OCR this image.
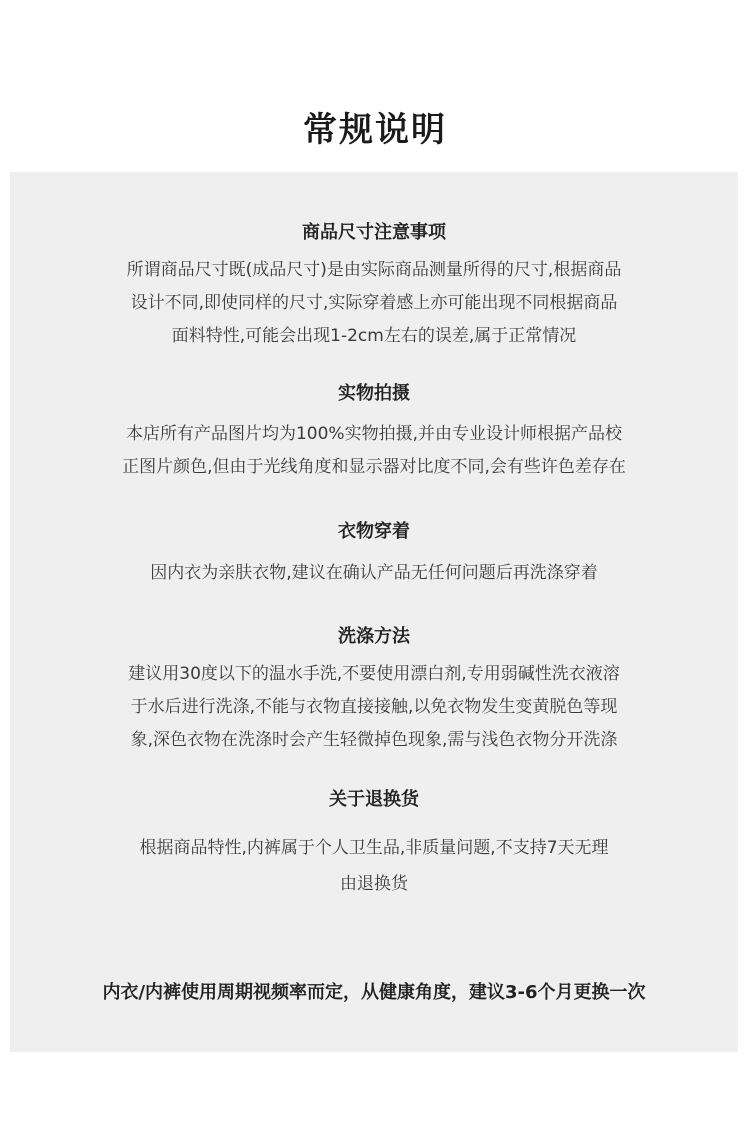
常规说明
商品尺寸注意事项
所谓商品尺寸既(成品尺寸)是由实际商品测量所得的尺寸,根据商品
设计不同,即使同样的尺寸,实际穿着感上亦可能出现不同根据商品
面料特性,可能会出现1-2cm左右的误差,属于正常情况
实物拍摄
本店所有产品图片均为100%实物拍摄,并由专业设计师根据产品校
正图片颜色,但由于光线角度和显示器对比度不同,会有些许色差存在
衣物穿着
因内衣为亲肤衣物,建议在确认产品无任何问题后再洗涤穿着
洗涤方法
建议用30度以下的温水手洗,不要使用漂白剂,专用弱碱性洗衣液溶
于水后进行洗涤,不能与衣物直接接触,以免衣物发生变黄脱色等现
象,深色衣物在洗涤时会产生轻微掉色现象,需与浅色衣物分开洗涤
关于退换货
根据商品特性,内裤属于个人卫生品,非质量问题,不支持7天无理
由退换货

内衣/内裤使用周期视频率而定，从健康角度，建议3-6个月更换一次
